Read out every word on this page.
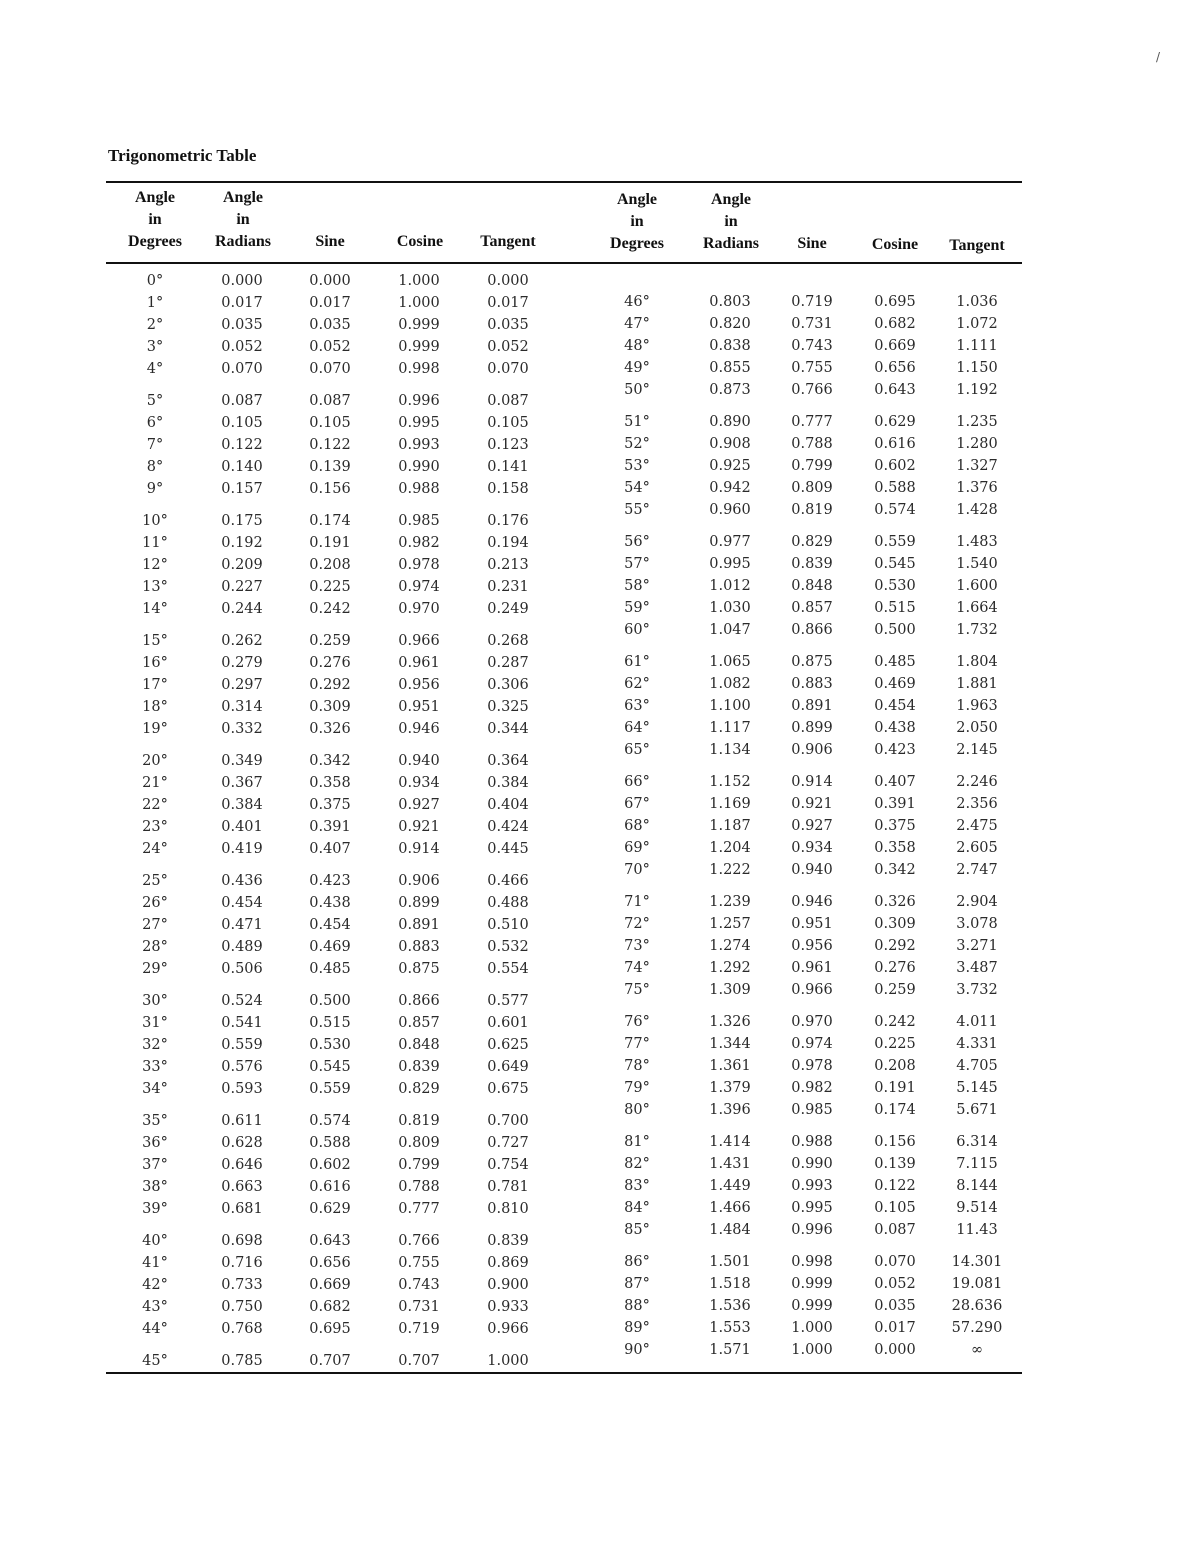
Trigonometric Table
Angle
in
Degrees
Angle
in
Radians	Sine	Cosine	Tangent
Angle
in
Degrees
Angle
in
Radians	Sine	Cosine	Tangent
0°	0.000	0.000	1.000	0.000
1°	0.017	0.017	1.000	0.017
2°	0.035	0.035	0.999	0.035
3°	0.052	0.052	0.999	0.052
4°	0.070	0.070	0.998	0.070
5°	0.087	0.087	0.996	0.087
6°	0.105	0.105	0.995	0.105
7°	0.122	0.122	0.993	0.123
8°	0.140	0.139	0.990	0.141
9°	0.157	0.156	0.988	0.158
10°	0.175	0.174	0.985	0.176
11°	0.192	0.191	0.982	0.194
12°	0.209	0.208	0.978	0.213
13°	0.227	0.225	0.974	0.231
14°	0.244	0.242	0.970	0.249
15°	0.262	0.259	0.966	0.268
16°	0.279	0.276	0.961	0.287
17°	0.297	0.292	0.956	0.306
18°	0.314	0.309	0.951	0.325
19°	0.332	0.326	0.946	0.344
20°	0.349	0.342	0.940	0.364
21°	0.367	0.358	0.934	0.384
22°	0.384	0.375	0.927	0.404
23°	0.401	0.391	0.921	0.424
24°	0.419	0.407	0.914	0.445
25°	0.436	0.423	0.906	0.466
26°	0.454	0.438	0.899	0.488
27°	0.471	0.454	0.891	0.510
28°	0.489	0.469	0.883	0.532
29°	0.506	0.485	0.875	0.554
30°	0.524	0.500	0.866	0.577
31°	0.541	0.515	0.857	0.601
32°	0.559	0.530	0.848	0.625
33°	0.576	0.545	0.839	0.649
34°	0.593	0.559	0.829	0.675
35°	0.611	0.574	0.819	0.700
36°	0.628	0.588	0.809	0.727
37°	0.646	0.602	0.799	0.754
38°	0.663	0.616	0.788	0.781
39°	0.681	0.629	0.777	0.810
40°	0.698	0.643	0.766	0.839
41°	0.716	0.656	0.755	0.869
42°	0.733	0.669	0.743	0.900
43°	0.750	0.682	0.731	0.933
44°	0.768	0.695	0.719	0.966
45°	0.785	0.707	0.707	1.000
46°	0.803	0.719	0.695	1.036
47°	0.820	0.731	0.682	1.072
48°	0.838	0.743	0.669	1.111
49°	0.855	0.755	0.656	1.150
50°	0.873	0.766	0.643	1.192
51°	0.890	0.777	0.629	1.235
52°	0.908	0.788	0.616	1.280
53°	0.925	0.799	0.602	1.327
54°	0.942	0.809	0.588	1.376
55°	0.960	0.819	0.574	1.428
56°	0.977	0.829	0.559	1.483
57°	0.995	0.839	0.545	1.540
58°	1.012	0.848	0.530	1.600
59°	1.030	0.857	0.515	1.664
60°	1.047	0.866	0.500	1.732
61°	1.065	0.875	0.485	1.804
62°	1.082	0.883	0.469	1.881
63°	1.100	0.891	0.454	1.963
64°	1.117	0.899	0.438	2.050
65°	1.134	0.906	0.423	2.145
66°	1.152	0.914	0.407	2.246
67°	1.169	0.921	0.391	2.356
68°	1.187	0.927	0.375	2.475
69°	1.204	0.934	0.358	2.605
70°	1.222	0.940	0.342	2.747
71°	1.239	0.946	0.326	2.904
72°	1.257	0.951	0.309	3.078
73°	1.274	0.956	0.292	3.271
74°	1.292	0.961	0.276	3.487
75°	1.309	0.966	0.259	3.732
76°	1.326	0.970	0.242	4.011
77°	1.344	0.974	0.225	4.331
78°	1.361	0.978	0.208	4.705
79°	1.379	0.982	0.191	5.145
80°	1.396	0.985	0.174	5.671
81°	1.414	0.988	0.156	6.314
82°	1.431	0.990	0.139	7.115
83°	1.449	0.993	0.122	8.144
84°	1.466	0.995	0.105	9.514
85°	1.484	0.996	0.087	11.43
86°	1.501	0.998	0.070	14.301
87°	1.518	0.999	0.052	19.081
88°	1.536	0.999	0.035	28.636
89°	1.553	1.000	0.017	57.290
90°	1.571	1.000	0.000	∞
/
